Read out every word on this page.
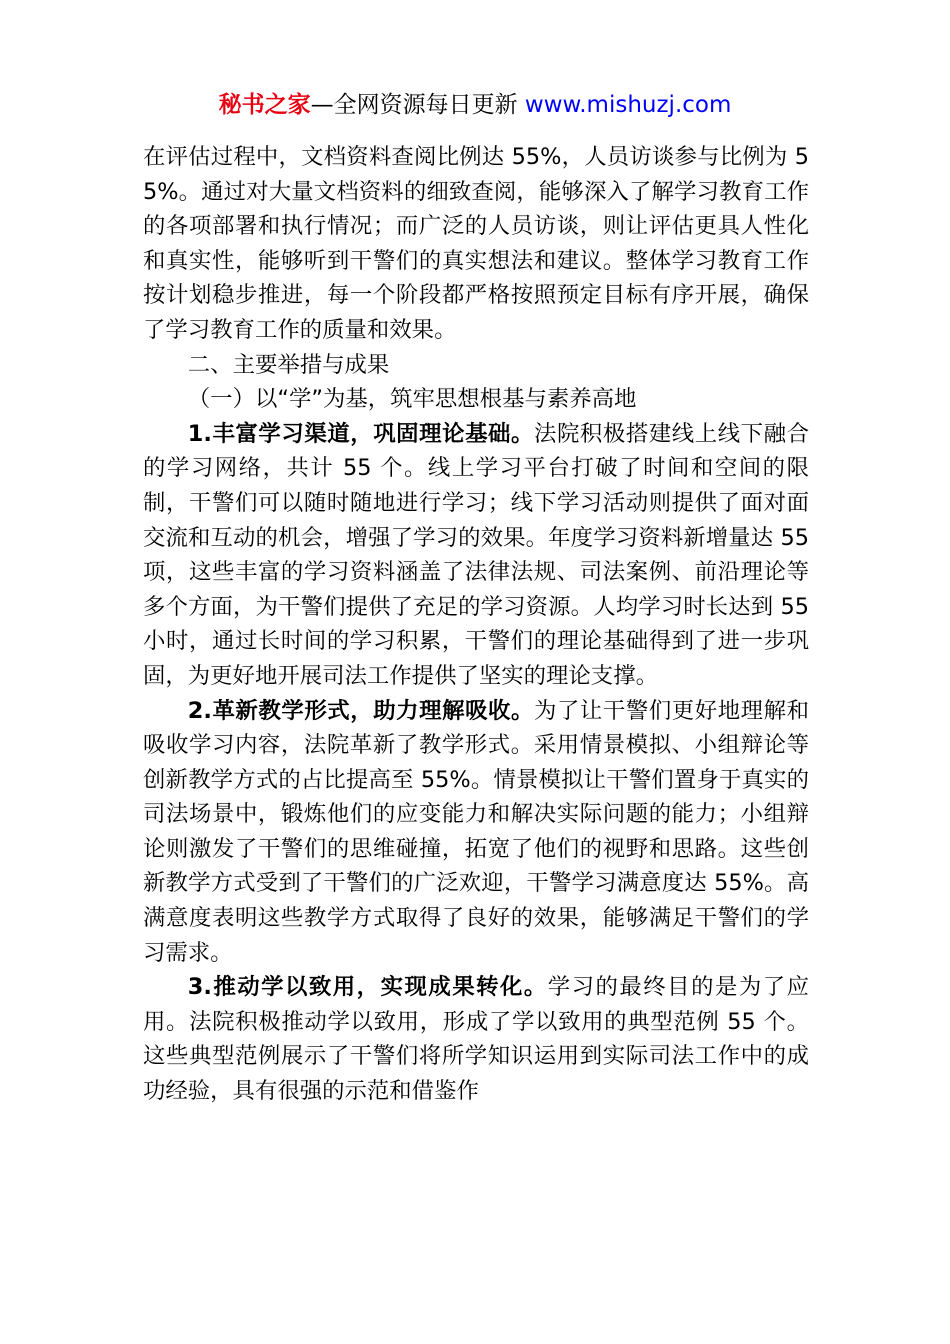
秘书之家—全网资源每日更新 www.mishuzj.com

在评估过程中，文档资料查阅比例达 55%，人员访谈参与比例为 55%。通过对大量文档资料的细致查阅，能够深入了解学习教育工作的各项部署和执行情况；而广泛的人员访谈，则让评估更具人性化和真实性，能够听到干警们的真实想法和建议。整体学习教育工作按计划稳步推进，每一个阶段都严格按照预定目标有序开展，确保了学习教育工作的质量和效果。

二、主要举措与成果

（一）以“学”为基，筑牢思想根基与素养高地

1.丰富学习渠道，巩固理论基础。法院积极搭建线上线下融合的学习网络，共计 55 个。线上学习平台打破了时间和空间的限制，干警们可以随时随地进行学习；线下学习活动则提供了面对面交流和互动的机会，增强了学习的效果。年度学习资料新增量达 55 项，这些丰富的学习资料涵盖了法律法规、司法案例、前沿理论等多个方面，为干警们提供了充足的学习资源。人均学习时长达到 55 小时，通过长时间的学习积累，干警们的理论基础得到了进一步巩固，为更好地开展司法工作提供了坚实的理论支撑。

2.革新教学形式，助力理解吸收。为了让干警们更好地理解和吸收学习内容，法院革新了教学形式。采用情景模拟、小组辩论等创新教学方式的占比提高至 55%。情景模拟让干警们置身于真实的司法场景中，锻炼他们的应变能力和解决实际问题的能力；小组辩论则激发了干警们的思维碰撞，拓宽了他们的视野和思路。这些创新教学方式受到了干警们的广泛欢迎，干警学习满意度达 55%。高满意度表明这些教学方式取得了良好的效果，能够满足干警们的学习需求。

3.推动学以致用，实现成果转化。学习的最终目的是为了应用。法院积极推动学以致用，形成了学以致用的典型范例 55 个。这些典型范例展示了干警们将所学知识运用到实际司法工作中的成功经验，具有很强的示范和借鉴作
